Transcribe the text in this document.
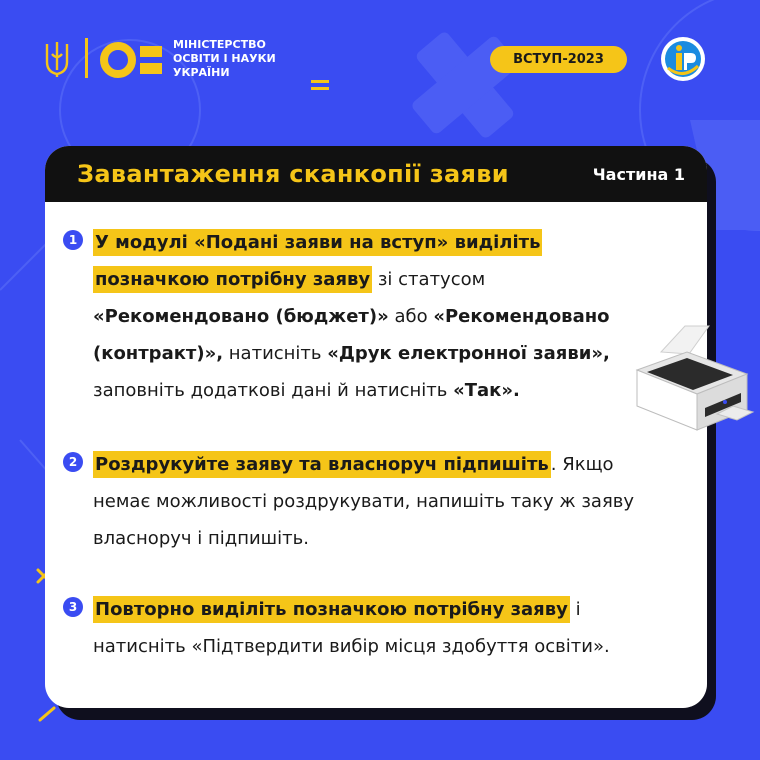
МІНІСТЕРСТВО ОСВІТИ І НАУКИ УКРАЇНИ
ВСТУП-2023
Завантаження сканкопії заяви	Частина 1
1 У модулі «Подані заяви на вступ» виділіть позначкою потрібну заяву зі статусом «Рекомендовано (бюджет)» або «Рекомендовано (контракт)», натисніть «Друк електронної заяви», заповніть додаткові дані й натисніть «Так».

2 Роздрукуйте заяву та власноруч підпишіть . Якщо немає можливості роздрукувати, напишіть таку ж заяву власноруч і підпишіть.

3 Повторно виділіть позначкою потрібну заяву і натисніть «Підтвердити вибір місця здобуття освіти».
